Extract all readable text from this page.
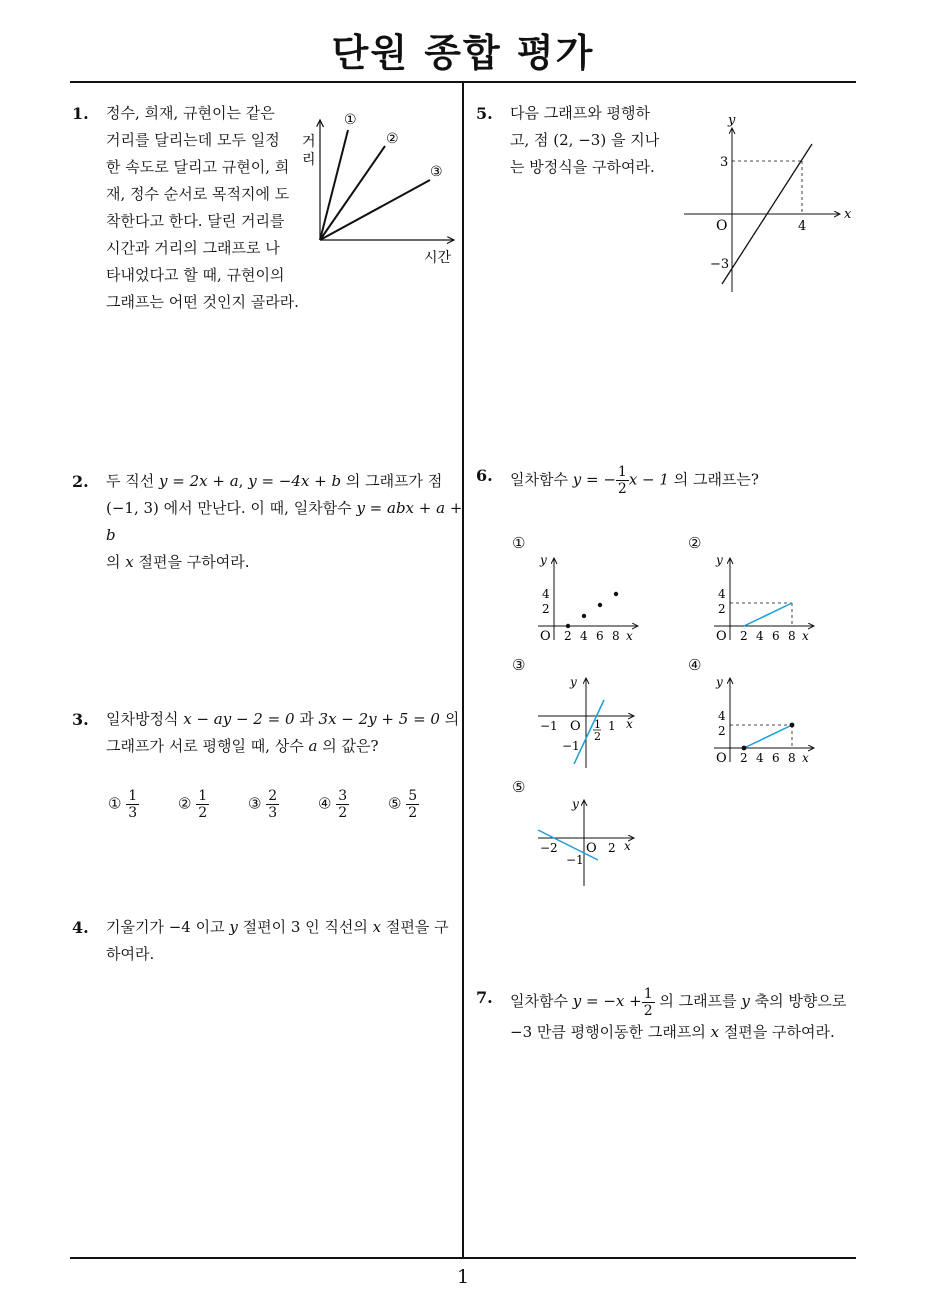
단원 종합 평가
1
1. 정수, 희재, 규현이는 같은
거리를 달리는데 모두 일정
한 속도로 달리고 규현이, 희
재, 정수 순서로 목적지에 도
착한다고 한다. 달린 거리를
시간과 거리의 그래프로 나
타내었다고 할 때, 규현이의
그래프는 어떤 것인지 골라라.
①
②
③
거
리
시간
2. 두 직선 y = 2x + a, y = −4x + b 의 그래프가 점
(−1, 3) 에서 만난다. 이 때, 일차함수 y = abx + a + b
의 x 절편을 구하여라.
3. 일차방정식 x − ay − 2 = 0 과 3x − 2y + 5 = 0 의
그래프가 서로 평행일 때, 상수 a 의 값은?
① $\frac{1}{3}$	② $\frac{1}{2}$	③ $\frac{2}{3}$	④ $\frac{3}{2}$	⑤ $\frac{5}{2}$
4. 기울기가 −4 이고 y 절편이 3 인 직선의 x 절편을 구
하여라.
5. 다음 그래프와 평행하
고, 점 (2, −3) 을 지나
는 방정식을 구하여라.
y
x
O
3
4
−3
6. 일차함수 y = − $\frac{1}{2}$ x − 1 의 그래프는?
①	②
③	④
⑤
y
x
O
4
2
2 4 6 8
y
x
O
4
2
2 4 6 8
y
x
O
−1	1
1
2
−1
y
x
O
4
2
2 4 6 8
y
x
O
−2	2
−1
7. 일차함수 $y = -x + \frac{1}{2}$ 의 그래프를 y 축의 방향으로
−3 만큼 평행이동한 그래프의 x 절편을 구하여라.
